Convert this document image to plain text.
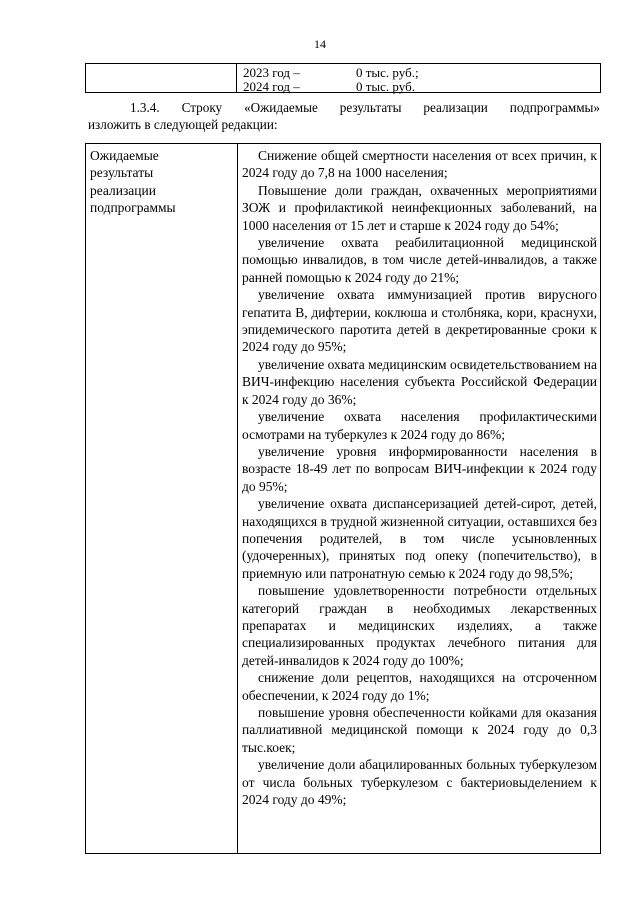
14
2023 год –	0 тыс. руб.;
2024 год –	0 тыс. руб.

1.3.4. Строку «Ожидаемые результаты реализации подпрограммы»

изложить в следующей редакции:

Ожидаемые
результаты
реализации
подпрограммы

Снижение общей смертности населения от всех причин, к 2024 году до 7,8 на 1000 населения;

Повышение доли граждан, охваченных мероприятиями ЗОЖ и профилактикой неинфекционных заболеваний, на 1000 населения от 15 лет и старше к 2024 году до 54%;

увеличение охвата реабилитационной медицинской помощью инвалидов, в том числе детей-инвалидов, а также ранней помощью к 2024 году до 21%;

увеличение охвата иммунизацией против вирусного гепатита В, дифтерии, коклюша и столбняка, кори, краснухи, эпидемического паротита детей в декретированные сроки к 2024 году до 95%;

увеличение охвата медицинским освидетельствованием на ВИЧ-инфекцию населения субъекта Российской Федерации к 2024 году до 36%;

увеличение охвата населения профилактическими осмотрами на туберкулез к 2024 году до 86%;

увеличение уровня информированности населения в возрасте 18-49 лет по вопросам ВИЧ-инфекции к 2024 году до 95%;

увеличение охвата диспансеризацией детей-сирот, детей, находящихся в трудной жизненной ситуации, оставшихся без попечения родителей, в том числе усыновленных (удочеренных), принятых под опеку (попечительство), в приемную или патронатную семью к 2024 году до 98,5%;

повышение удовлетворенности потребности отдельных категорий граждан в необходимых лекарственных препаратах и медицинских изделиях, а также специализированных продуктах лечебного питания для детей-инвалидов к 2024 году до 100%;

снижение доли рецептов, находящихся на отсроченном обеспечении, к 2024 году до 1%;

повышение уровня обеспеченности койками для оказания паллиативной медицинской помощи к 2024 году до 0,3 тыс.коек;

увеличение доли абацилированных больных туберкулезом от числа больных туберкулезом с бактериовыделением к 2024 году до 49%;
